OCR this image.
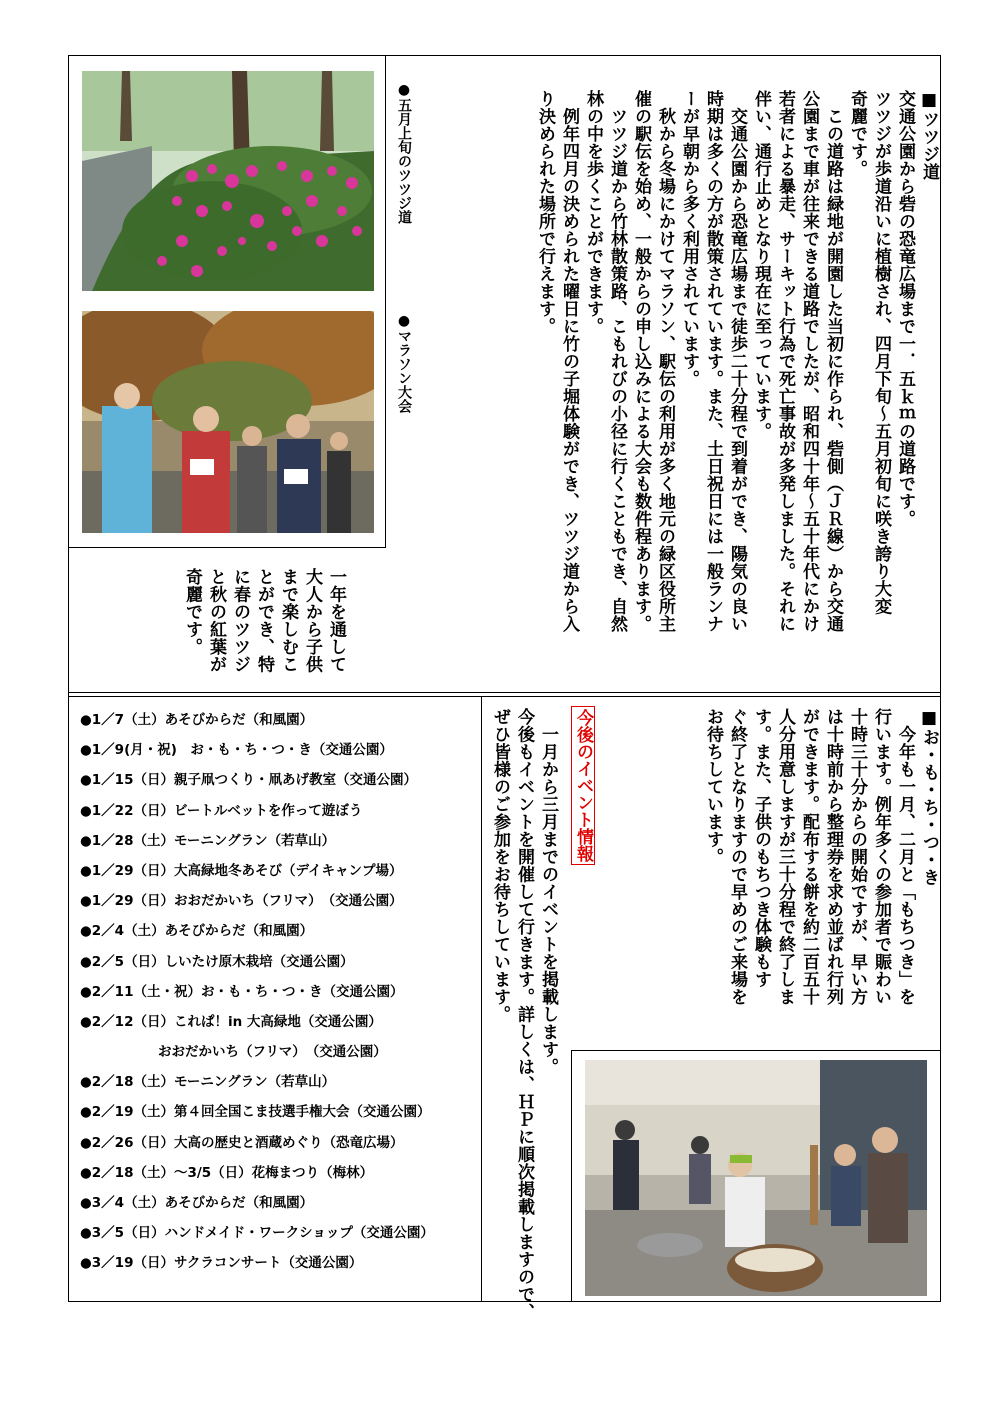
■ツツジ道

交通公園から砦の恐竜広場まで一．五ｋｍの道路です。

ツツジが歩道沿いに植樹され、四月下旬～五月初旬に咲き誇り大変

奇麗です。

　この道路は緑地が開園した当初に作られ、砦側（ＪＲ線）から交通

公園まで車が往来できる道路でしたが、昭和四十年～五十年代にかけ

若者による暴走、サーキット行為で死亡事故が多発しました。それに

伴い、通行止めとなり現在に至っています。

　交通公園から恐竜広場まで徒歩二十分程で到着ができ、陽気の良い

時期は多くの方が散策されています。また、土日祝日には一般ランナ

ーが早朝から多く利用されています。

　秋から冬場にかけてマラソン、駅伝の利用が多く地元の緑区役所主

催の駅伝を始め、一般からの申し込みによる大会も数件程あります。

　ツツジ道から竹林散策路、こもれびの小径に行くこともでき、自然

林の中を歩くことができます。

　例年四月の決められた曜日に竹の子堀体験ができ、ツツジ道から入

り決められた場所で行えます。

一年を通して

大人から子供

まで楽しむこ

とができ、特

に春のツツジ

と秋の紅葉が

奇麗です。

●五月上旬のツツジ道
●マラソン大会

■お・も・ち・つ・き

　今年も一月、二月と「もちつき」を

行います。例年多くの参加者で賑わい

十時三十分からの開始ですが、早い方

は十時前から整理券を求め並ばれ行列

ができます。配布する餅を約二百五十

人分用意しますが三十分程で終了しま

す。また、子供のもちつき体験もす

ぐ終了となりますので早めのご来場を

お待ちしています。

今後のイベント情報

　一月から三月までのイベントを掲載します。

今後もイベントを開催して行きます。詳しくは、ＨＰに順次掲載しますので、

ぜひ皆様のご参加をお待ちしています。

●1／7（土）あそびからだ（和風園）
●1／9(月・祝)　お・も・ち・つ・き（交通公園）
●1／15（日）親子凧つくり・凧あげ教室（交通公園）
●1／22（日）ビートルベットを作って遊ぼう
●1／28（土）モーニングラン（若草山）
●1／29（日）大高緑地冬あそび（デイキャンプ場）
●1／29（日）おおだかいち（フリマ）　（交通公園）
●2／4（土）あそびからだ（和風園）
●2／5（日）しいたけ原木栽培（交通公園）
●2／11（土・祝）お・も・ち・つ・き（交通公園）
●2／12（日）これぱ！in 大高緑地（交通公園）
おおだかいち（フリマ）　（交通公園）
●2／18（土）モーニングラン（若草山）
●2／19（土）第４回全国こま技選手権大会（交通公園）
●2／26（日）大高の歴史と酒蔵めぐり（恐竜広場）
●2／18（土）～3/5（日）花梅まつり（梅林）
●3／4（土）あそびからだ（和風園）
●3／5（日）ハンドメイド・ワークショップ（交通公園）
●3／19（日）サクラコンサート（交通公園）
